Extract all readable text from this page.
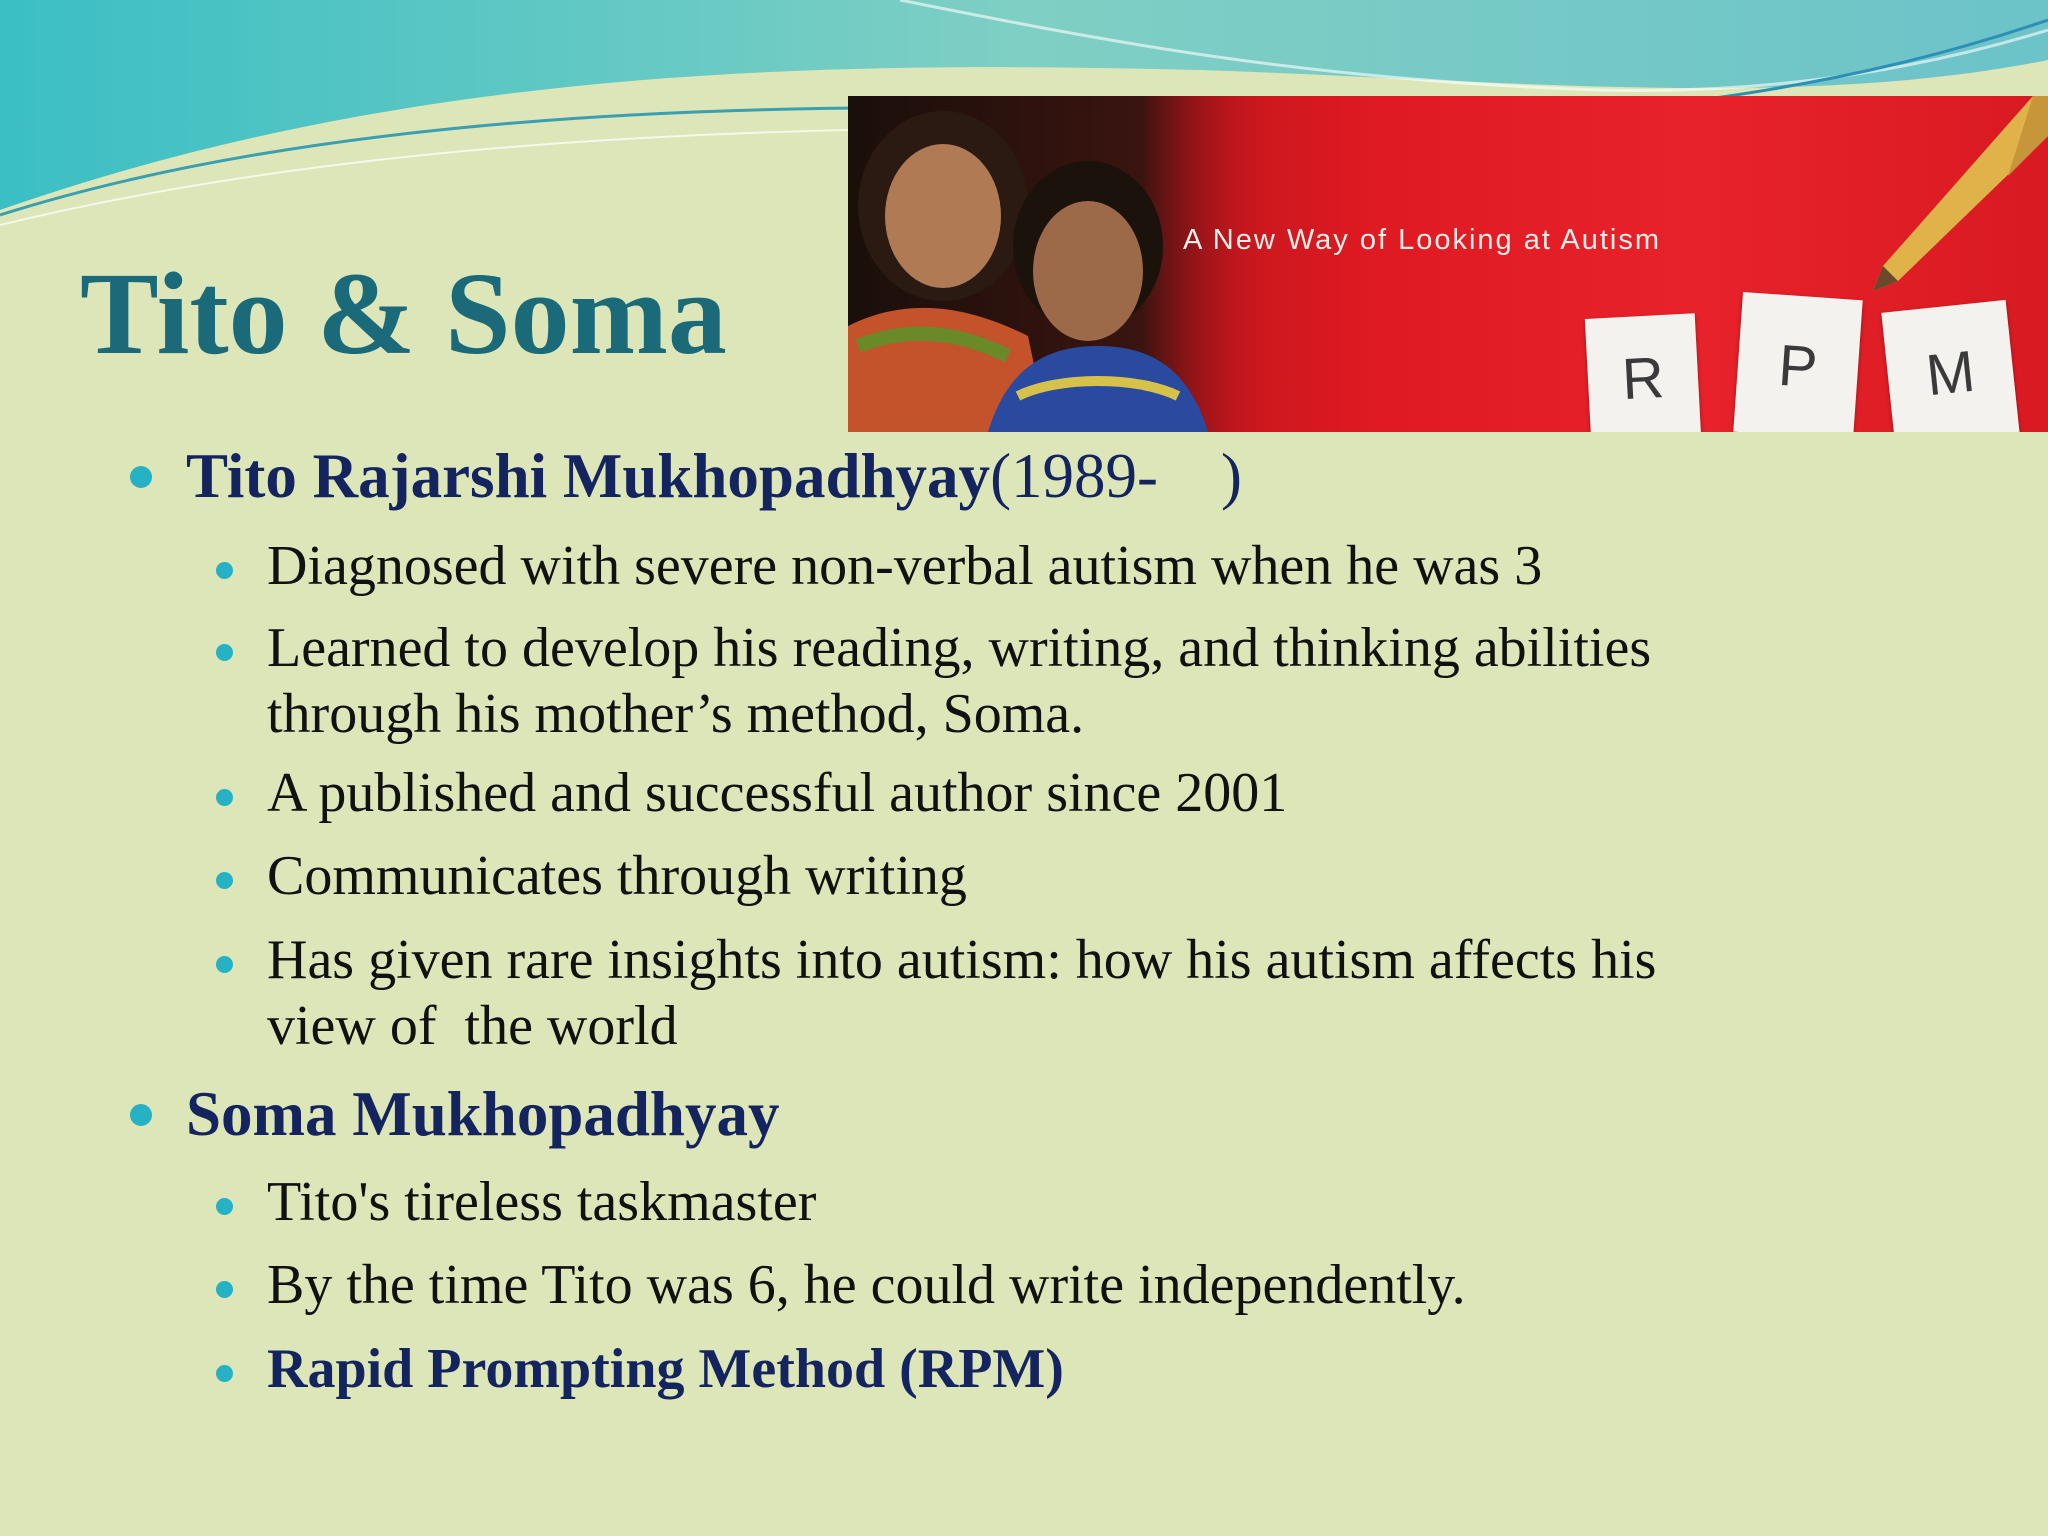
A New Way of Looking at Autism
R	P	M
Tito & Soma
Tito Rajarshi Mukhopadhyay(1989-    )
Diagnosed with severe non-verbal autism when he was 3
Learned to develop his reading, writing, and thinking abilities
through his mother’s method, Soma.
A published and successful author since 2001
Communicates through writing
Has given rare insights into autism: how his autism affects his
view of  the world
Soma Mukhopadhyay
Tito's tireless taskmaster
By the time Tito was 6, he could write independently.
Rapid Prompting Method (RPM)
